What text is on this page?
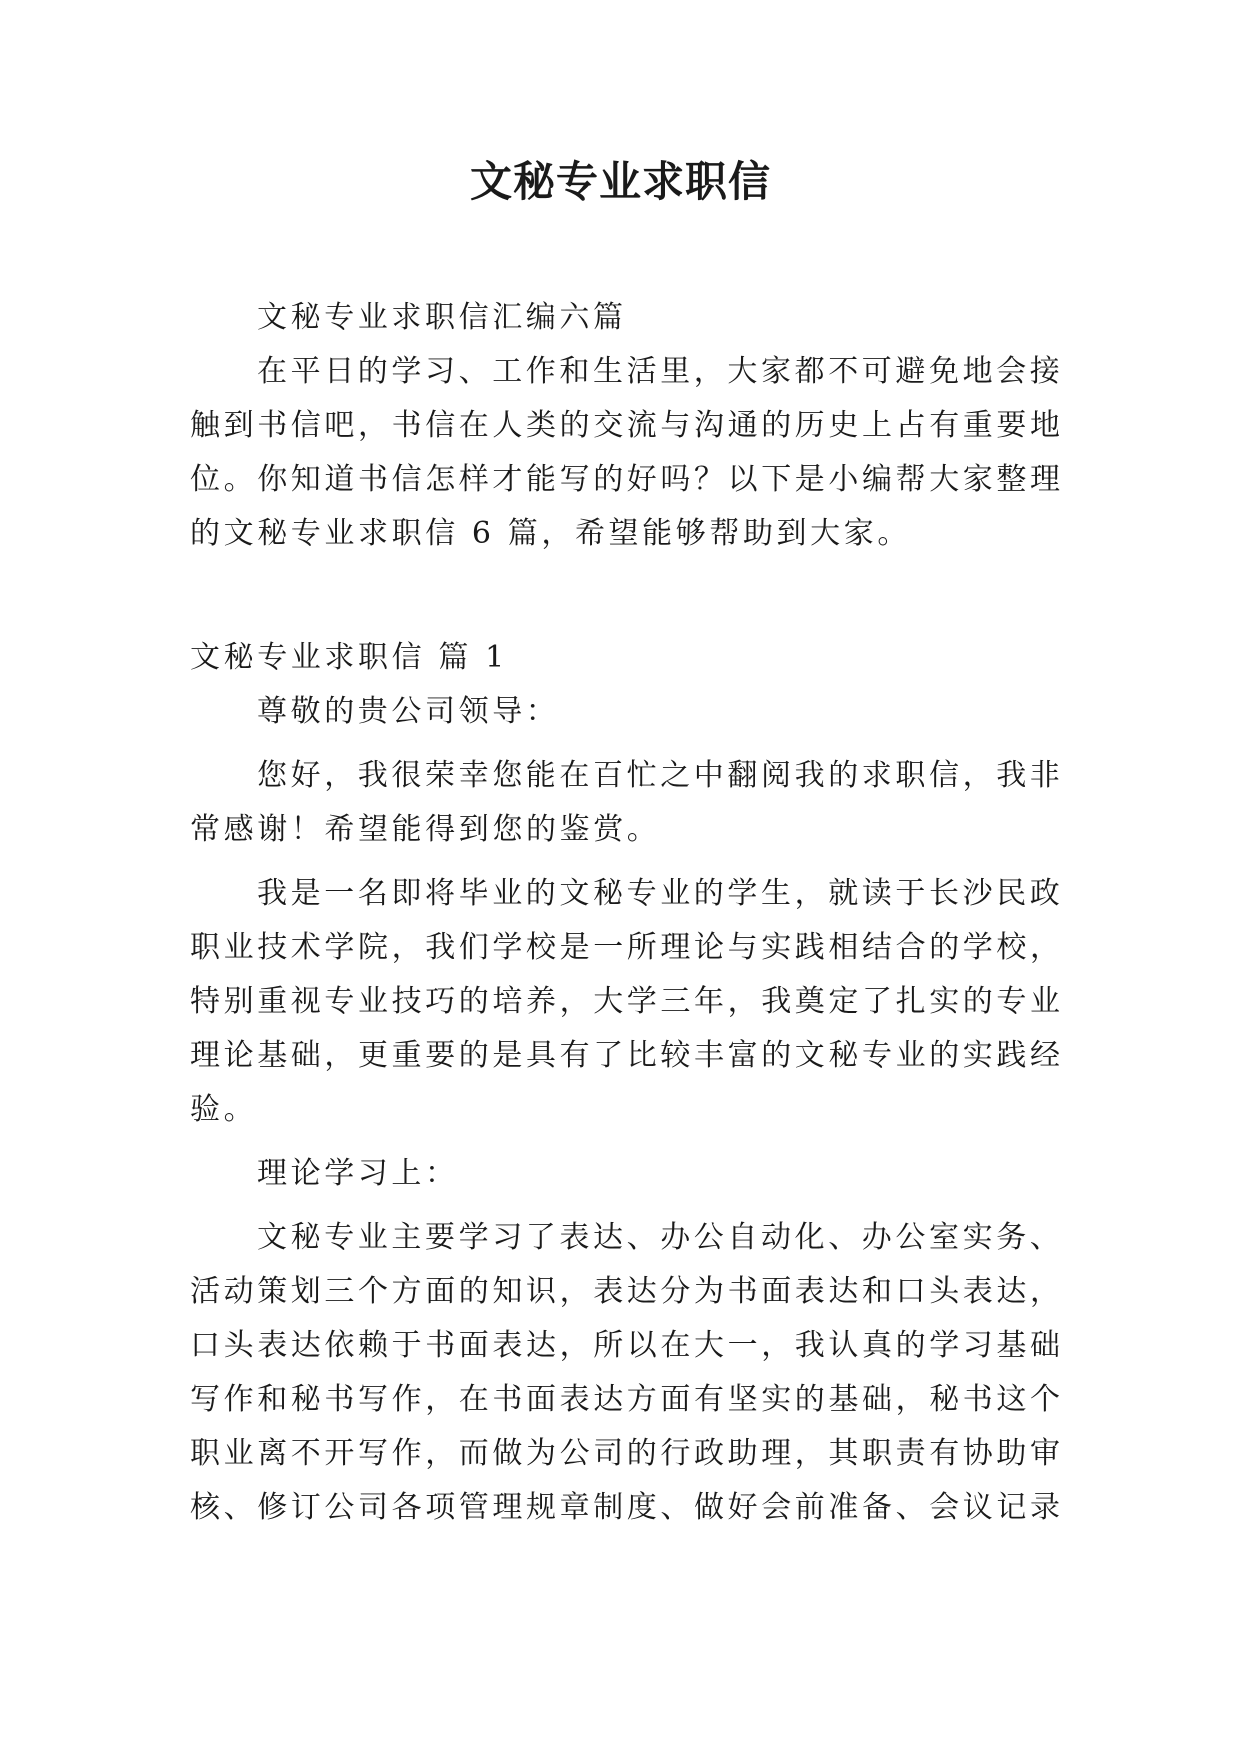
文秘专业求职信

文秘专业求职信汇编六篇

在平日的学习、工作和生活里，大家都不可避免地会接

触到书信吧，书信在人类的交流与沟通的历史上占有重要地

位。你知道书信怎样才能写的好吗？以下是小编帮大家整理

的文秘专业求职信 6 篇，希望能够帮助到大家。

文秘专业求职信 篇 1

尊敬的贵公司领导：

您好，我很荣幸您能在百忙之中翻阅我的求职信，我非

常感谢！希望能得到您的鉴赏。

我是一名即将毕业的文秘专业的学生，就读于长沙民政

职业技术学院，我们学校是一所理论与实践相结合的学校，

特别重视专业技巧的培养，大学三年，我奠定了扎实的专业

理论基础，更重要的是具有了比较丰富的文秘专业的实践经

验。

理论学习上：

文秘专业主要学习了表达、办公自动化、办公室实务、

活动策划三个方面的知识，表达分为书面表达和口头表达，

口头表达依赖于书面表达，所以在大一，我认真的学习基础

写作和秘书写作，在书面表达方面有坚实的基础，秘书这个

职业离不开写作，而做为公司的行政助理，其职责有协助审

核、修订公司各项管理规章制度、做好会前准备、会议记录
